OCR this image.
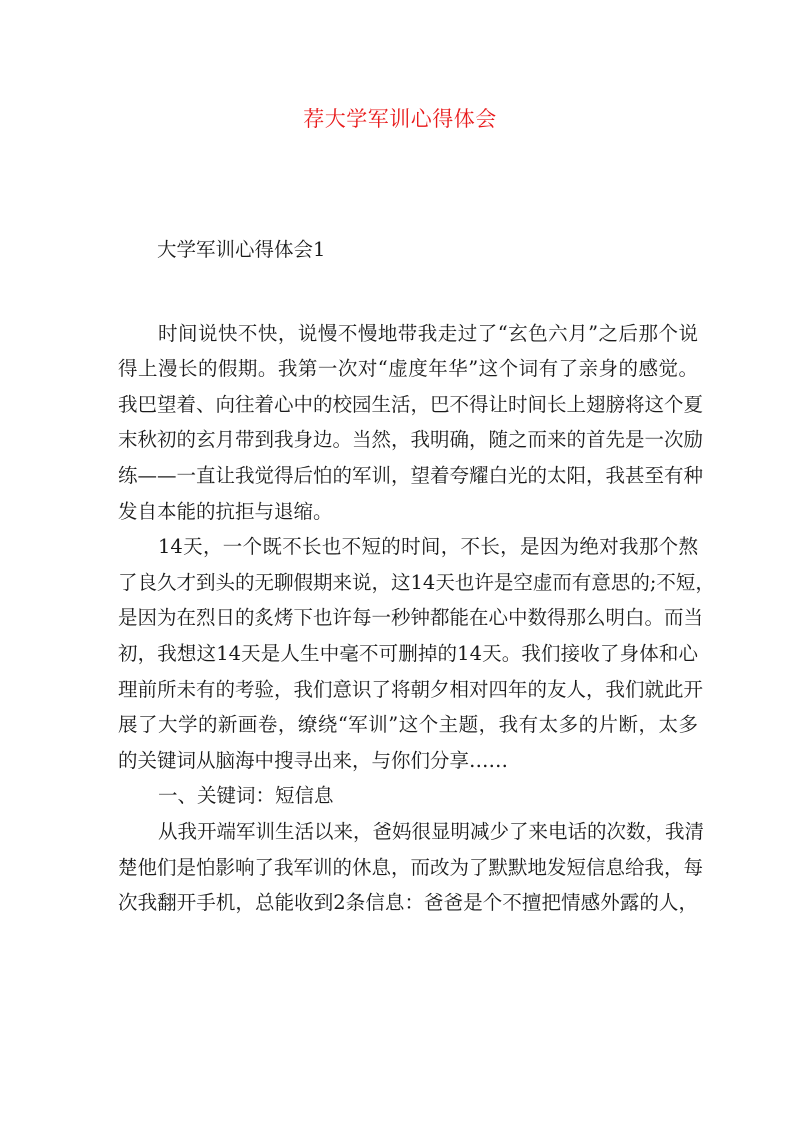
荐大学军训心得体会

大学军训心得体会1

时间说快不快，说慢不慢地带我走过了“玄色六月”之后那个说
得上漫长的假期。我第一次对“虚度年华”这个词有了亲身的感觉。
我巴望着、向往着心中的校园生活，巴不得让时间长上翅膀将这个夏
末秋初的玄月带到我身边。当然，我明确，随之而来的首先是一次励
练——一直让我觉得后怕的军训，望着夸耀白光的太阳，我甚至有种
发自本能的抗拒与退缩。

14天，一个既不长也不短的时间，不长，是因为绝对我那个熬
了良久才到头的无聊假期来说，这14天也许是空虚而有意思的;不短，
是因为在烈日的炙烤下也许每一秒钟都能在心中数得那么明白。而当
初，我想这14天是人生中毫不可删掉的14天。我们接收了身体和心
理前所未有的考验，我们意识了将朝夕相对四年的友人，我们就此开
展了大学的新画卷，缭绕“军训”这个主题，我有太多的片断，太多
的关键词从脑海中搜寻出来，与你们分享……

一、关键词：短信息

从我开端军训生活以来，爸妈很显明减少了来电话的次数，我清
楚他们是怕影响了我军训的休息，而改为了默默地发短信息给我，每
次我翻开手机，总能收到2条信息：爸爸是个不擅把情感外露的人，
